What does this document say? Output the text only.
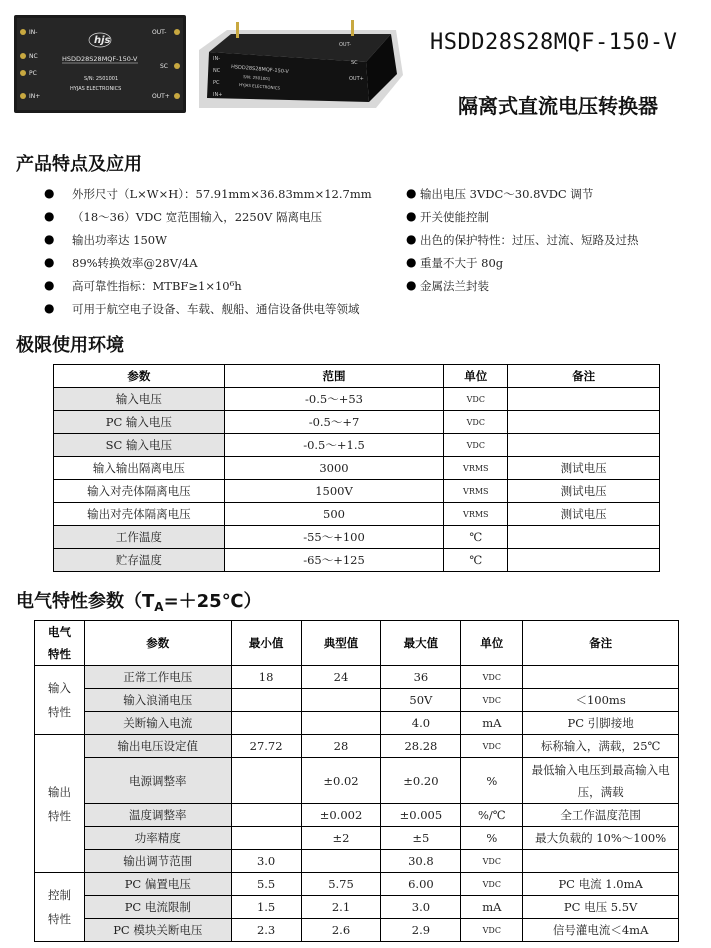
IN-
NC
PC
IN+
OUT-
SC
OUT+
hjs
HSDD28S28MQF-150-V
S/N: 2501001
HYJAS ELECTRONICS
HSDD28S28MQF-150-V
S/N: 2501001
HYJAS ELECTRONICS
OUT-
SC
OUT+
IN-
NC
PC
IN+
HSDD28S28MQF-150-V
隔离式直流电压转换器
产品特点及应用
● 外形尺寸（L×W×H）：57.91mm×36.83mm×12.7mm
● （18～36）VDC 宽范围输入，2250V 隔离电压
● 输出功率达 150W
● 89%转换效率@28V/4A
● 高可靠性指标：MTBF≥1×10⁶h
● 可用于航空电子设备、车载、舰船、通信设备供电等领域
● 输出电压 3VDC～30.8VDC 调节
● 开关使能控制
● 出色的保护特性：过压、过流、短路及过热
● 重量不大于 80g
● 金属法兰封装
极限使用环境
参数	范围	单位	备注
输入电压	-0.5～+53	VDC	
PC 输入电压	-0.5～+7	VDC	
SC 输入电压	-0.5～+1.5	VDC	
输入输出隔离电压	3000	VRMS	测试电压
输入对壳体隔离电压	1500V	VRMS	测试电压
输出对壳体隔离电压	500	VRMS	测试电压
工作温度	-55～+100	℃	
贮存温度	-65～+125	℃	
电气特性参数$(T_A=+25℃)$
电气特性	参数	最小值	典型值	最大值	单位	备注
输入特性	正常工作电压	18	24	36	VDC	
	输入浪涌电压			50V	VDC	＜100ms
	关断输入电流			4.0	mA	PC 引脚接地
输出特性	输出电压设定值	27.72	28	28.28	VDC	标称输入，满载，25℃
	电源调整率		±0.02	±0.20	%	最低输入电压到最高输入电压，满载
	温度调整率		±0.002	±0.005	%/℃	全工作温度范围
	功率精度		±2	±5	%	最大负载的 10%～100%
	输出调节范围	3.0		30.8	VDC	
控制特性	PC 偏置电压	5.5	5.75	6.00	VDC	PC 电流 1.0mA
	PC 电流限制	1.5	2.1	3.0	mA	PC 电压 5.5V
	PC 模块关断电压	2.3	2.6	2.9	VDC	信号灌电流＜4mA
